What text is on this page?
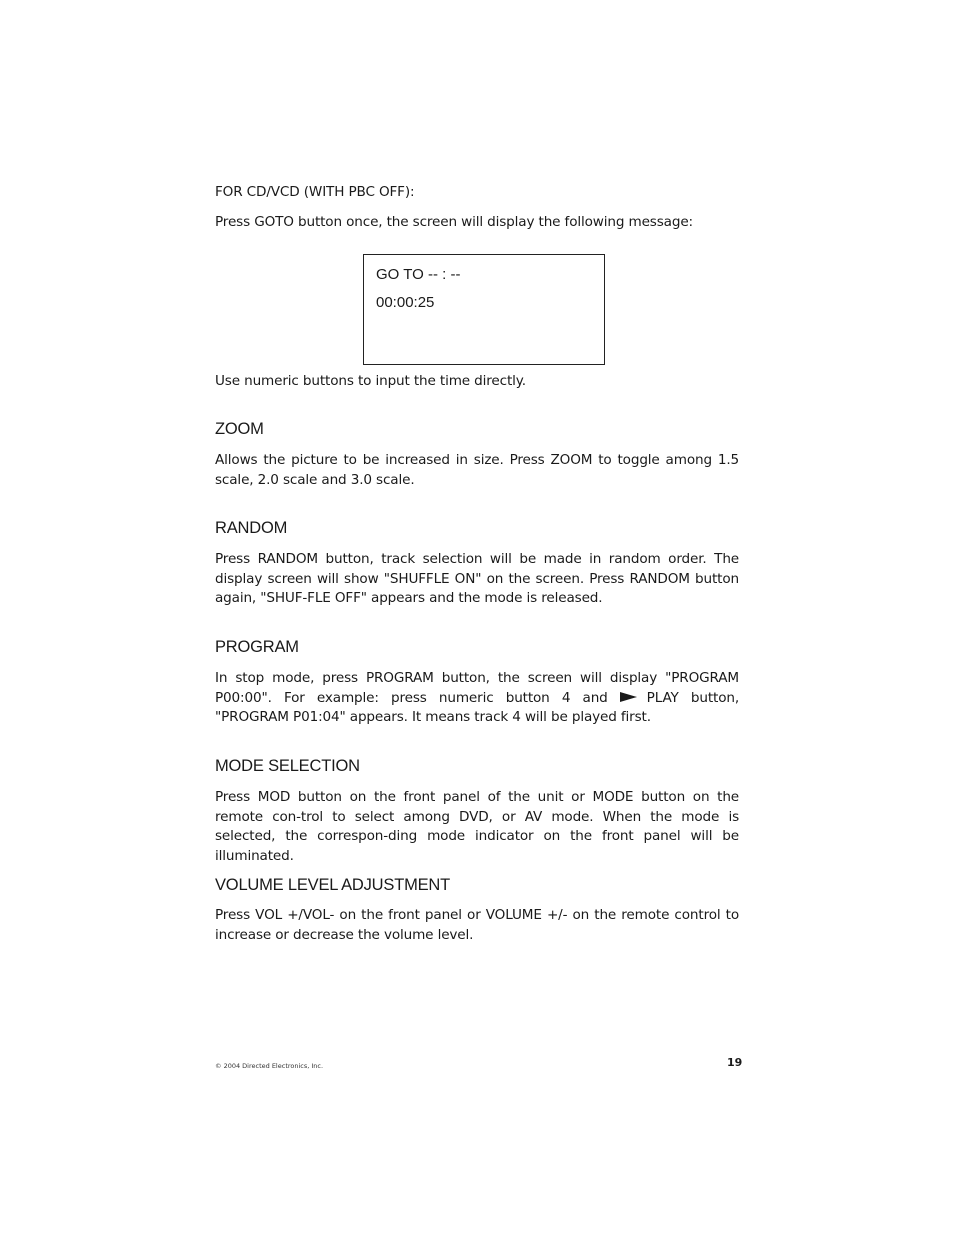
FOR CD/VCD (WITH PBC OFF):
Press GOTO button once, the screen will display the following message:
GO TO -- : --
00:00:25
Use numeric buttons to input the time directly.
ZOOM

Allows the picture to be increased in size. Press ZOOM to toggle among 1.5 scale, 2.0 scale and 3.0 scale.

RANDOM

Press RANDOM button, track selection will be made in random order. The display screen will show "SHUFFLE ON" on the screen. Press RANDOM button again, "SHUF-FLE OFF" appears and the mode is released.

PROGRAM

In stop mode, press PROGRAM button, the screen will display "PROGRAM P00:00". For example: press numeric button 4 and	PLAY button, "PROGRAM P01:04" appears. It means track 4 will be played first.

MODE SELECTION

Press MOD button on the front panel of the unit or MODE button on the remote con-trol to select among DVD, or AV mode. When the mode is selected, the correspon-ding mode indicator on the front panel will be illuminated.

VOLUME LEVEL ADJUSTMENT

Press VOL +/VOL- on the front panel or VOLUME +/- on the remote control to increase or decrease the volume level.

© 2004 Directed Electronics, Inc.	19
